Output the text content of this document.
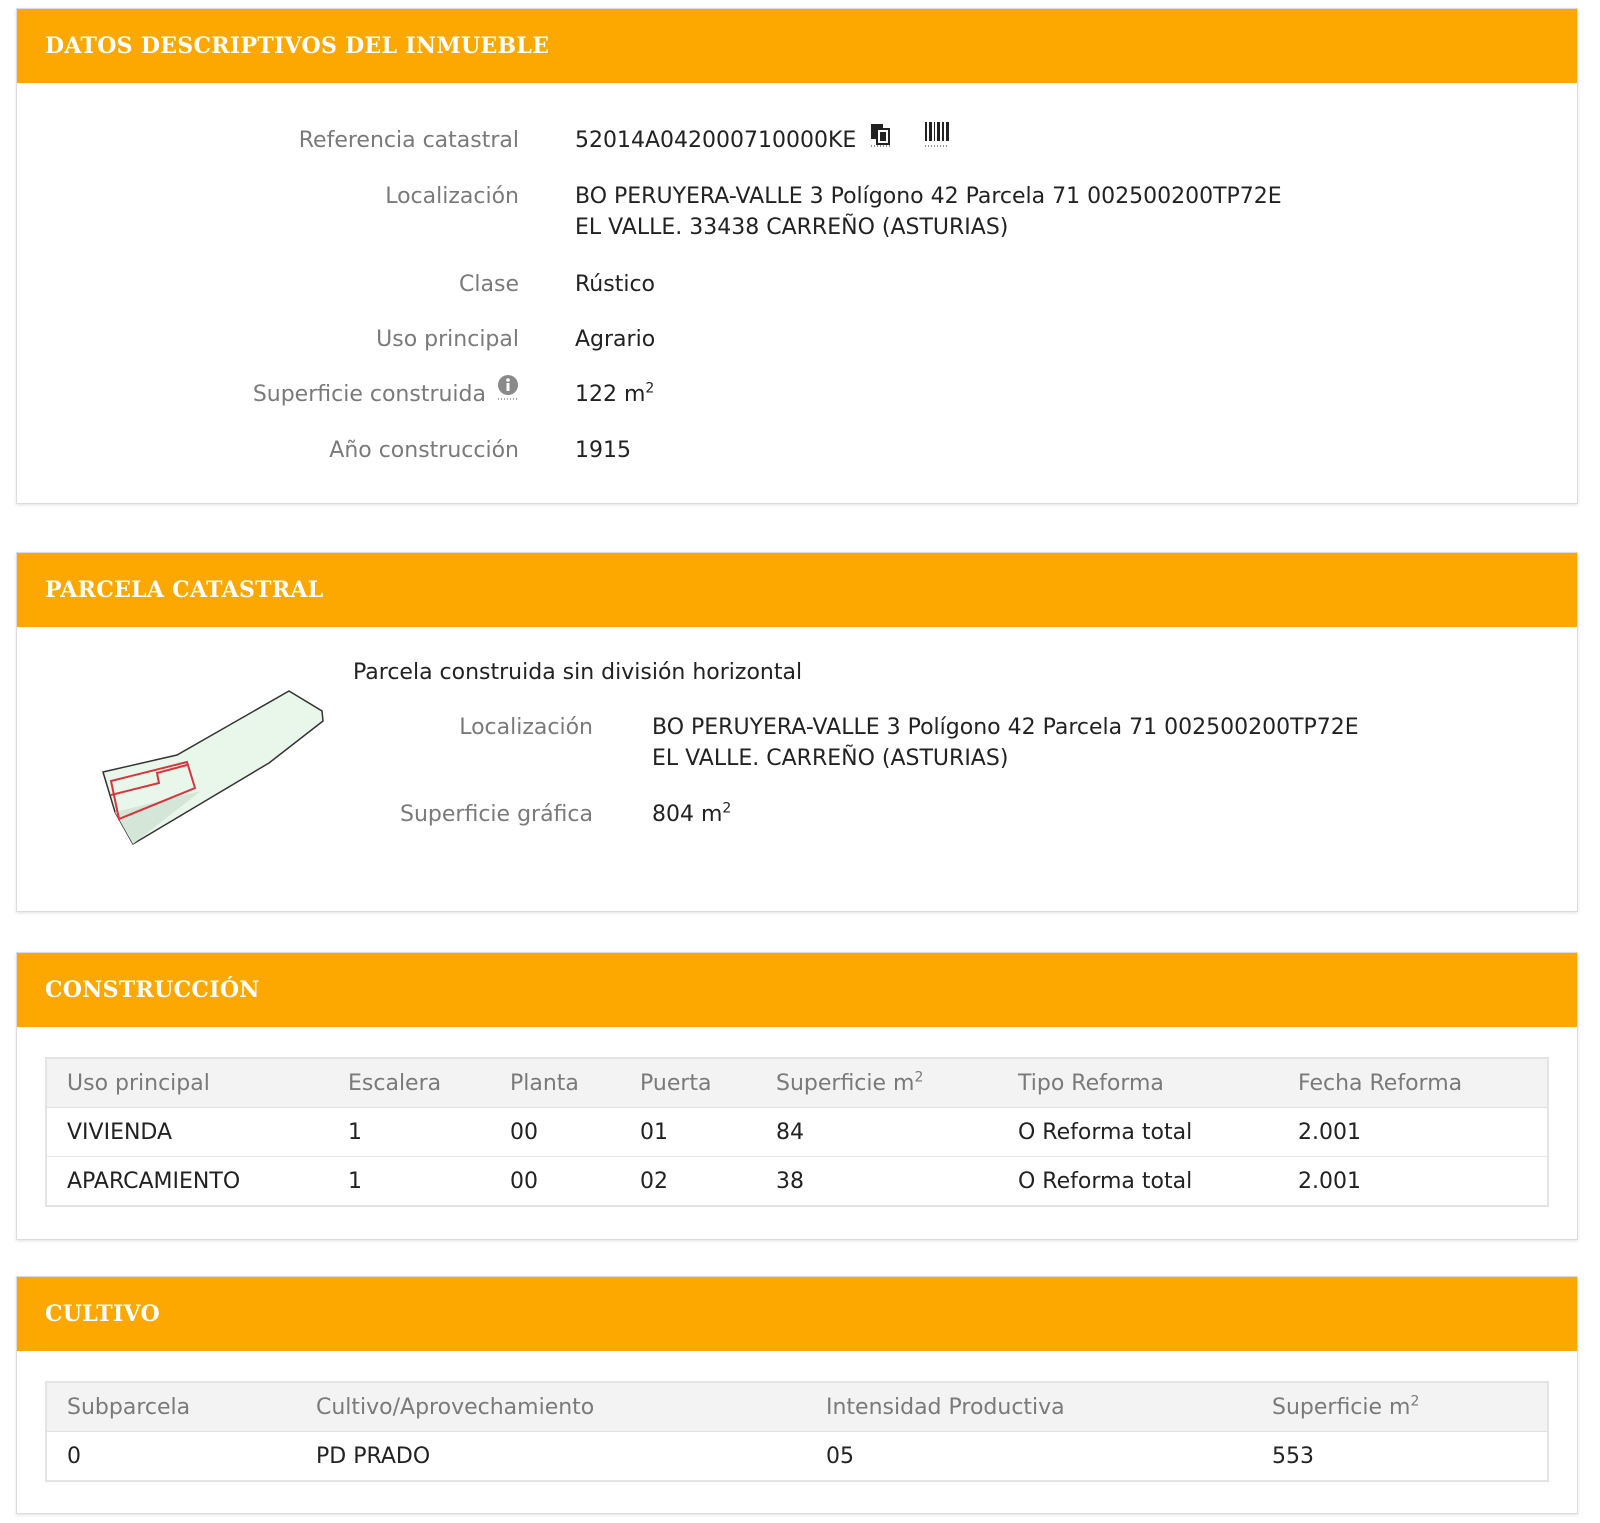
DATOS DESCRIPTIVOS DEL INMUEBLE
Referencia catastral	52014A042000710000KE
Localización	BO PERUYERA-VALLE 3 Polígono 42 Parcela 71 002500200TP72E
EL VALLE. 33438 CARREÑO (ASTURIAS)
Clase	Rústico
Uso principal	Agrario
Superficie construida	122 $m^2$
Año construcción	1915
PARCELA CATASTRAL
Parcela construida sin división horizontal
Localización	BO PERUYERA-VALLE 3 Polígono 42 Parcela 71 002500200TP72E
EL VALLE. CARREÑO (ASTURIAS)
Superficie gráfica	804 $m^2$
CONSTRUCCIÓN
Uso principal	Escalera	Planta	Puerta	Superficie $m^2$	Tipo Reforma	Fecha Reforma
VIVIENDA	1	00	01	84	O Reforma total	2.001
APARCAMIENTO	1	00	02	38	O Reforma total	2.001
CULTIVO
Subparcela	Cultivo/Aprovechamiento	Intensidad Productiva	Superficie $m^2$
0	PD PRADO	05	553
